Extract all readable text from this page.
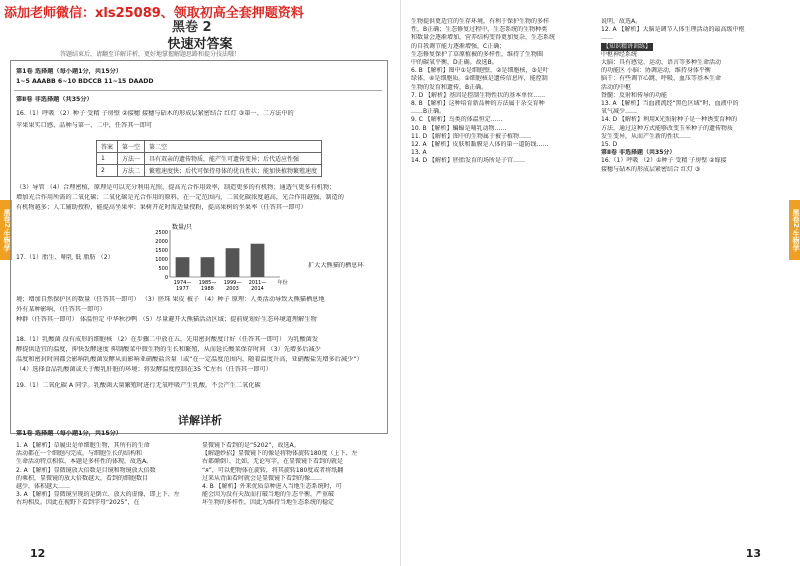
添加老师微信：xls25089、领取初高全套押题资料
黑卷2·生物学
黑卷 2
快速对答案
答题结束后，请翻至详解详析，更好地掌握解题思路和提分技法哦！
第1卷 选择题（每小题1分，共15分）
1~5 AAABB 6~10 BDCCB 11~15 DAADD
第Ⅱ卷 非选择题（共35分）
16.（1）呼吸 （2）种子 受精 子房壁 ②接穗 接穗与砧木的形成层紧密结合 红灯 ③第一、二方法中的
苹果果实口感、品种与第一、二中，任答其一即可
答案	第一空	第二空
1	方法一	具有双亲的遗传物质，能产生可遗传变异；后代适应性强
2	方法二	繁殖速度快；后代可保持母体的优良性状；能加快植物繁殖速度
（3）导管 （4）合理密植，原理是可以充分利用光照，提高光合作用效率，制造更多的有机物；通透气更多有机物；
增加光合作用所需的二氧化碳；二氧化碳是光合作用的原料，在一定范围内，二氧化碳浓度越高，光合作用越强，制造的
有机物越多；人工辅助授粉，能提高坐果率；果树开花时需适量授粉，提高果树的坐果率（任答其一即可）
17.（1）胎生、哺乳 低 脂肪 （2）
数量/只
0
500
1000
1500
2000
2500
1974— 1985— 1999— 2011— 年份
1977 1988 2003 2014
扩大大熊猫的栖息环
境；增加自然保护区的数量（任答其一即可） （3）胚珠 果皮 被子 （4）种子 原理：人类活动导致大熊猫栖息地
外有某种影响，（任答其一即可）
种群（任答其一即可） 体温恒定 中华秋沙鸭 （5）尽量避开大熊猫活动区域；提前规划好生态环境道理解生物
18.（1）乳酸菌 没有成形的细胞核 （2）在步骤二中放在五，先用密封酸度计好（任答其一即可） 为乳酸菌发
酵提供适宜的温度，抑快发酵速度 抑制酸菜中微生物的生长和繁殖，从而延长酸菜保存时间 （3）先增多后减少
温度和密封时间都会影响乳酸菌发酵从而影响亚硝酸盐含量（或“在一定温度范围内，随着温度升高，亚硝酸盐先增多后减少”）
（4）选择食品乳酸菌或关于酸乳肝脏的环境；将发酵温度控制在35 ℃左右（任答其一即可）
19.（1）二氧化碳 A 同学。乳酸菌大量繁殖时进行无氧呼吸产生乳酸，不会产生二氧化碳
详解详析
第1卷 选择题（每小题1分，共15分）

1. A 【解析】草履虫是单细胞生物，其所有的生命

活动都在一个细胞内完成，与细胞生长的结构和

生命活动特点相似。本题是多样性的体现，故选A。

2. A 【解析】显微镜放大倍数是目镜和物镜放大倍数

的乘积，显微镜的放大倍数越大，看到的细胞数目

越少，体积越大……

3. A 【解析】显微镜呈现的是倒立、放大的虚像，即上下、左

右均相反。因此在视野下看到字母“2025”，在

显微镜下看到的是“5202”，故选A。

【解题妙招】显微镜下的像是将物体旋转180度（上下、左

右都颠倒），比如，无论写字，在显微镜下看到的就是

“ᴙ”，可以把物体在旋转，将其旋转180度或者将纸翻

过来从背面看时就会是显微镜下看到的像……

4. B 【解析】外来优质草种进入当地生态系统时，可

能会因为没有天敌而打破当地的生态平衡，严重破

坏生物的多样性，因此为维持当地生态系统的稳定

12
黑卷2·生物学

生物提供更适宜的生存环境，有利于保护生物的多样

性，B正确；生态修复过程中，生态系统的生物种类

和数量会逐渐增加，营养结构变得更加复杂，生态系统

的自我调节能力逐渐增强，C正确；

生态修复保护了草原植被的多样性，维持了生物圈

中的碳氧平衡，D正确。故选B。

6. B 【解析】图中①是细胞壁，②是细胞核，③是叶

绿体，④是细胞质。②细胞核是遗传信息库，能控制

生物的发育和遗传，B正确。

7. D 【解析】基因是控制生物性状的基本单位……

8. B 【解析】这种培育新品种的方法属于杂交育种

……B正确。

9. C 【解析】鸟类的体温恒定……

10. B 【解析】蝙蝠是哺乳动物……

11. D 【解析】图中的生物属于被子植物……

12. A 【解析】皮肤和黏膜是人体的第一道防线……

13. A

14. D 【解析】胚胎发育的场所是子宫……

说明，故选A。

12. A 【解析】大脑是调节人体生理活动的最高级中枢

……

【知识精讲训练】

中枢神经系统

大脑：具有感觉、运动、语言等多种生命活动

的功能区 小脑：协调运动，维持身体平衡

脑干：有些调节心跳、呼吸、血压等基本生命

活动的中枢

脊髓：反射和传导的功能

13. A 【解析】当血液流经“黑色区域”时，血液中的

氧气减少……

14. D 【解析】利用X光照射种子是一种诱变育种的

方法，通过这种方式能够改变玉米种子的遗传物质

发生变异，从而产生新的性状……

15. D

第Ⅱ卷 非选择题（共35分）

16.（1）呼吸 （2）①种子 受精 子房壁 ②嫁接

接穗与砧木的形成层紧密结合 红灯 ③

13
